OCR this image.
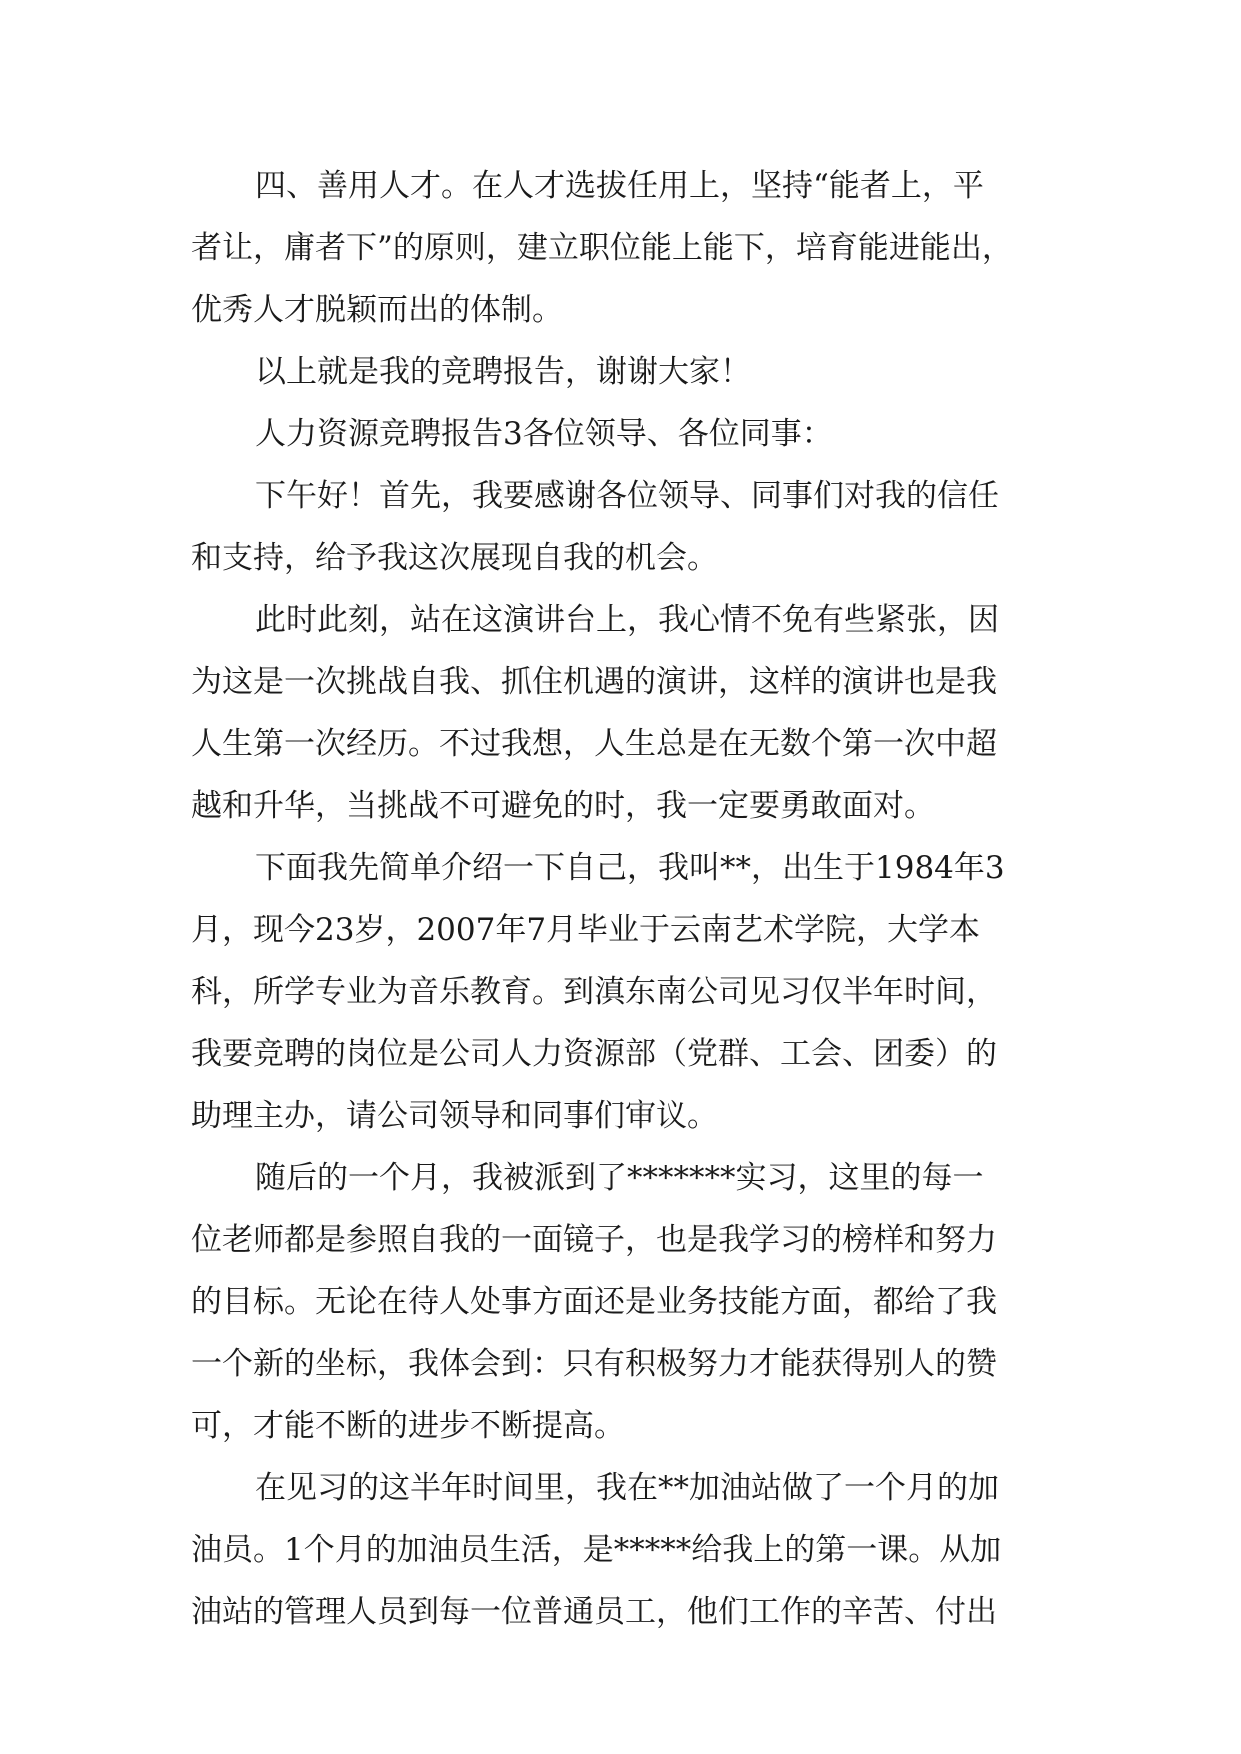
四、善用人才。在人才选拔任用上，坚持“能者上，平
者让，庸者下”的原则，建立职位能上能下，培育能进能出，
优秀人才脱颖而出的体制。
以上就是我的竞聘报告，谢谢大家！
人力资源竞聘报告3各位领导、各位同事：
下午好！首先，我要感谢各位领导、同事们对我的信任
和支持，给予我这次展现自我的机会。
此时此刻，站在这演讲台上，我心情不免有些紧张，因
为这是一次挑战自我、抓住机遇的演讲，这样的演讲也是我
人生第一次经历。不过我想，人生总是在无数个第一次中超
越和升华，当挑战不可避免的时，我一定要勇敢面对。
下面我先简单介绍一下自己，我叫**，出生于1984年3
月，现今23岁，2007年7月毕业于云南艺术学院，大学本
科，所学专业为音乐教育。到滇东南公司见习仅半年时间，
我要竞聘的岗位是公司人力资源部（党群、工会、团委）的
助理主办，请公司领导和同事们审议。
随后的一个月，我被派到了*******实习，这里的每一
位老师都是参照自我的一面镜子，也是我学习的榜样和努力
的目标。无论在待人处事方面还是业务技能方面，都给了我
一个新的坐标，我体会到：只有积极努力才能获得别人的赞
可，才能不断的进步不断提高。
在见习的这半年时间里，我在**加油站做了一个月的加
油员。1个月的加油员生活，是*****给我上的第一课。从加
油站的管理人员到每一位普通员工，他们工作的辛苦、付出
